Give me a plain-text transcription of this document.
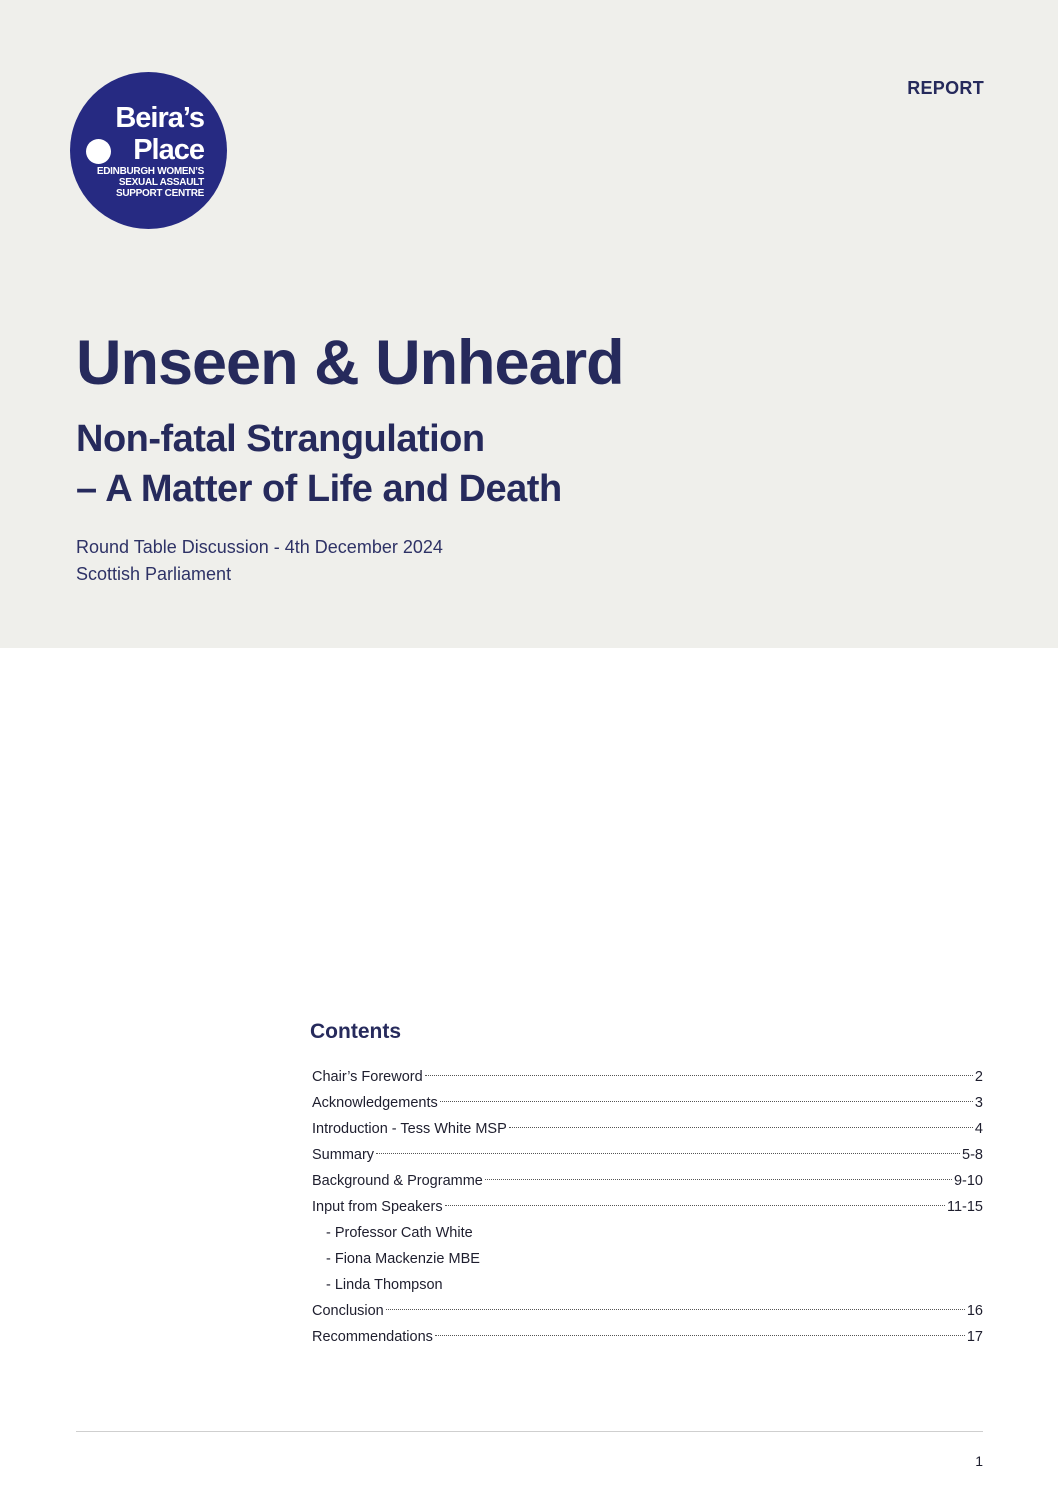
Beira’s
Place
EDINBURGH WOMEN’S
SEXUAL ASSAULT
SUPPORT CENTRE
REPORT
Unseen & Unheard
Non-fatal Strangulation
– A Matter of Life and Death
Round Table Discussion - 4th December 2024
Scottish Parliament
Contents
Chair’s Foreword	2
Acknowledgements	3
Introduction - Tess White MSP	4
Summary	5-8
Background & Programme	9-10
Input from Speakers	11-15
- Professor Cath White
- Fiona Mackenzie MBE
- Linda Thompson
Conclusion	16
Recommendations	17
1
